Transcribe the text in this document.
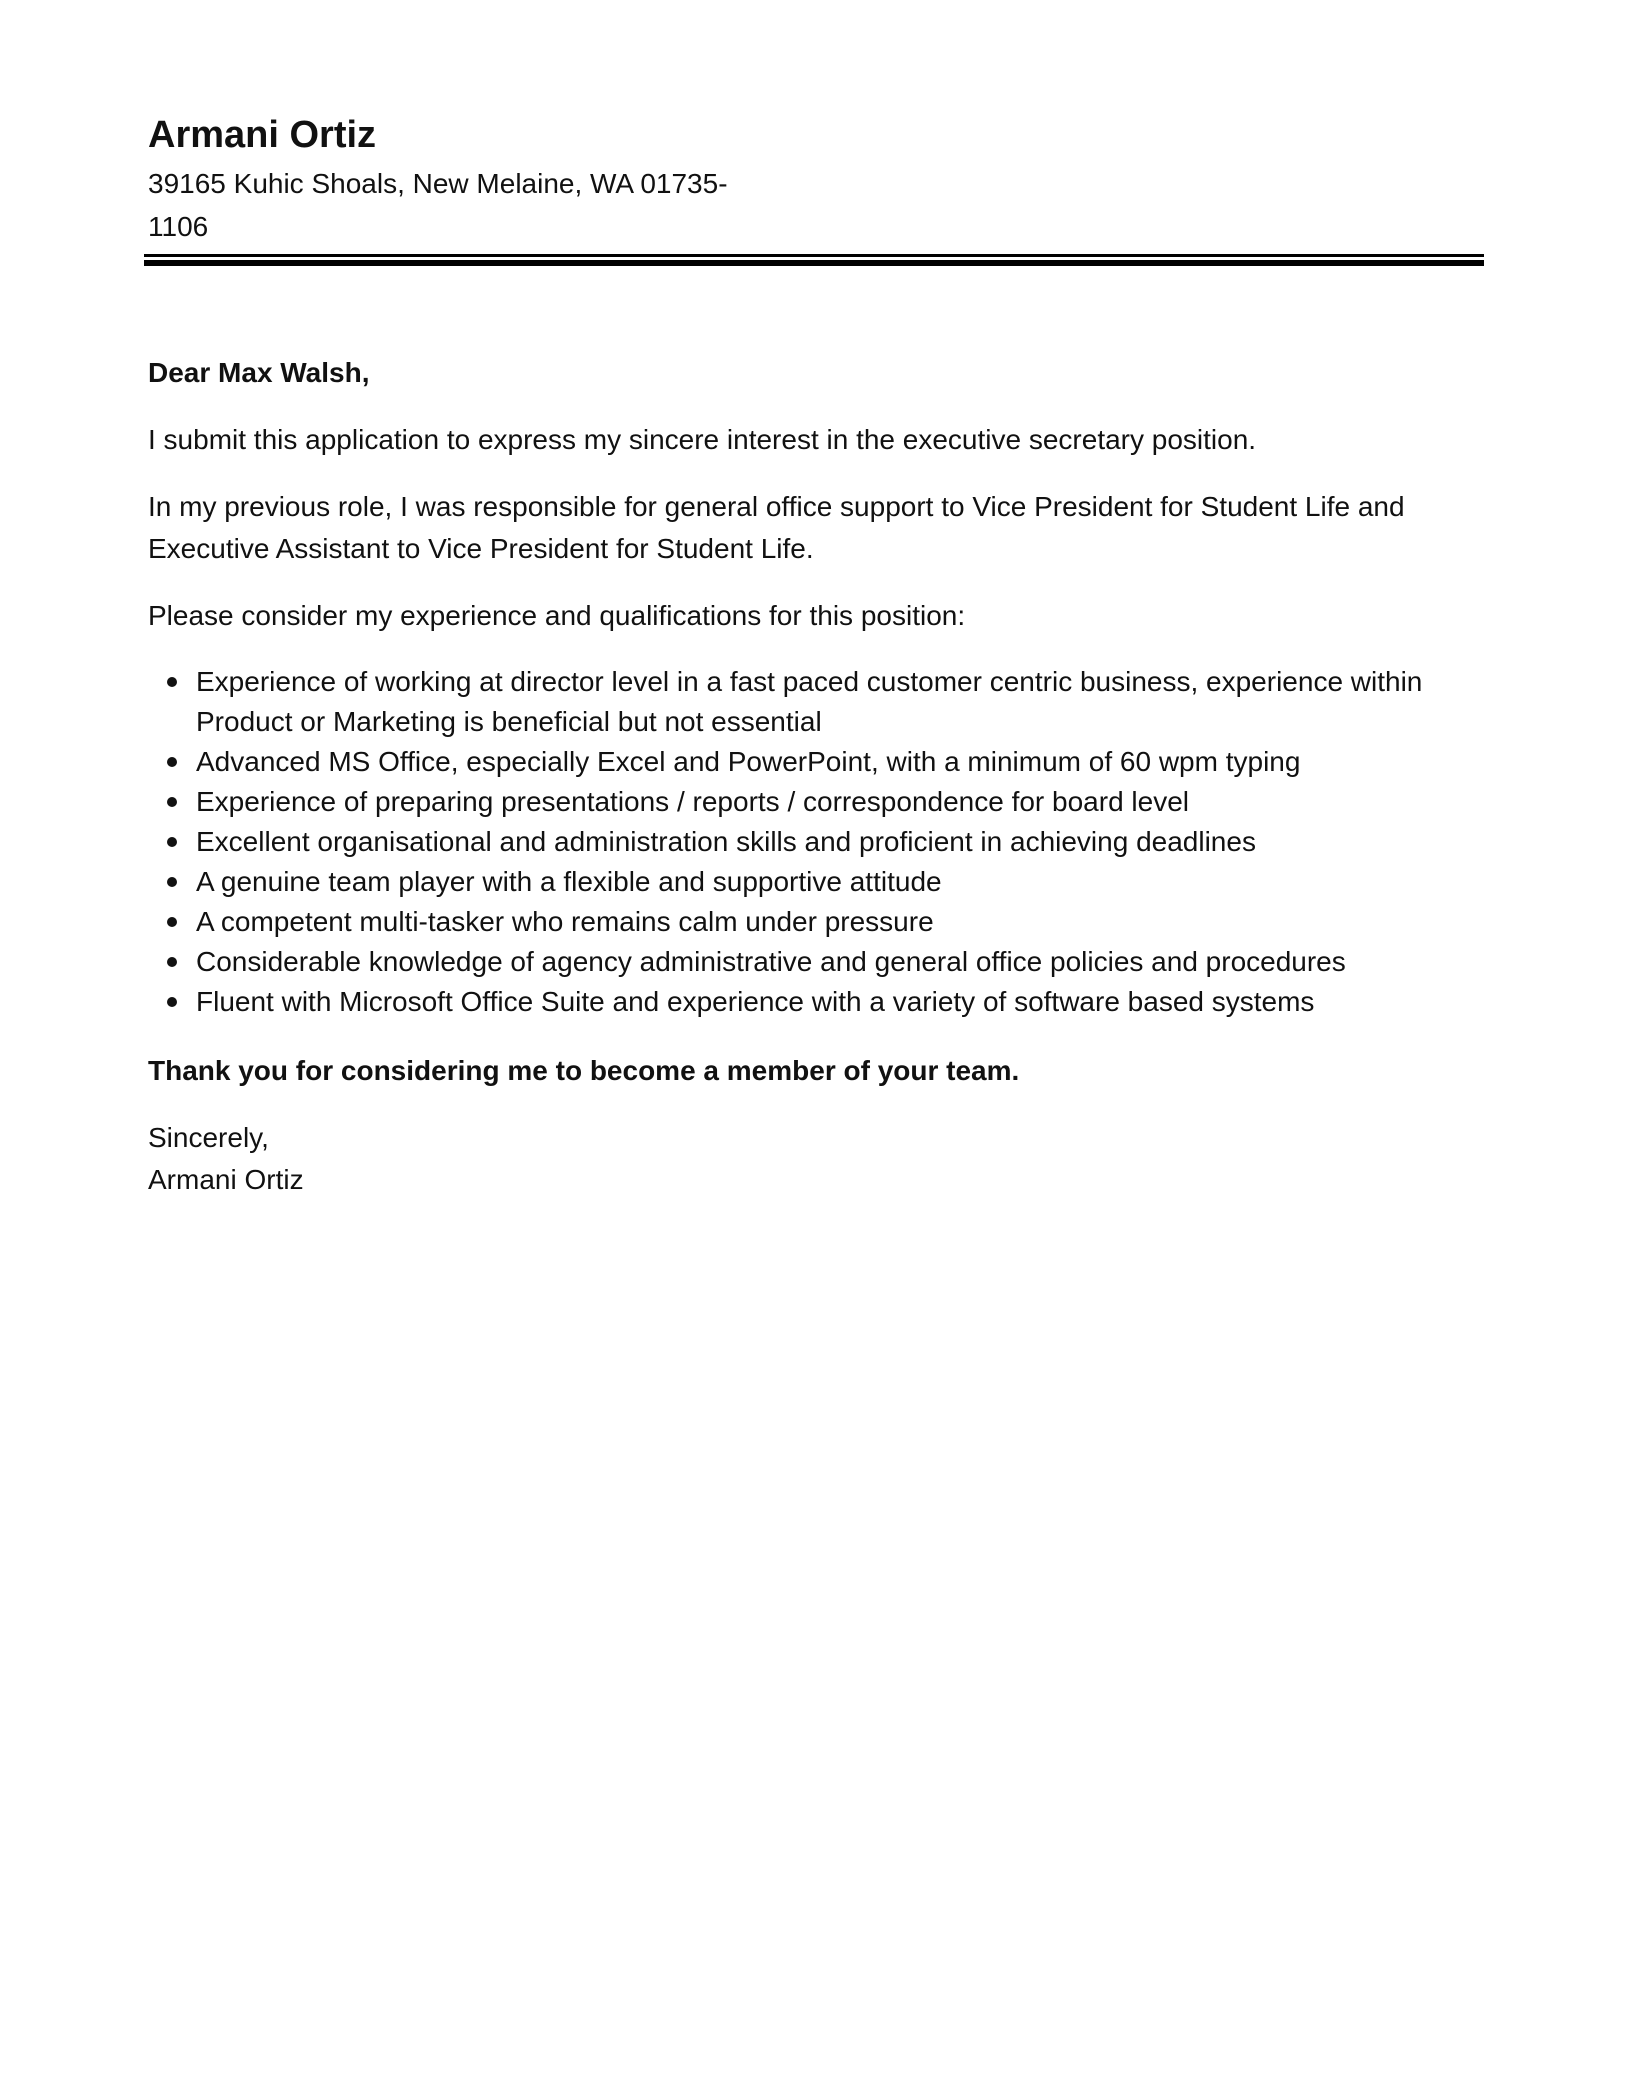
Armani Ortiz

39165 Kuhic Shoals, New Melaine, WA 01735-1106

Dear Max Walsh,

I submit this application to express my sincere interest in the executive secretary position.

In my previous role, I was responsible for general office support to Vice President for Student Life and Executive Assistant to Vice President for Student Life.

Please consider my experience and qualifications for this position:

Experience of working at director level in a fast paced customer centric business, experience within Product or Marketing is beneficial but not essential
Advanced MS Office, especially Excel and PowerPoint, with a minimum of 60 wpm typing
Experience of preparing presentations / reports / correspondence for board level
Excellent organisational and administration skills and proficient in achieving deadlines
A genuine team player with a flexible and supportive attitude
A competent multi-tasker who remains calm under pressure
Considerable knowledge of agency administrative and general office policies and procedures
Fluent with Microsoft Office Suite and experience with a variety of software based systems

Thank you for considering me to become a member of your team.

Sincerely,

Armani Ortiz
